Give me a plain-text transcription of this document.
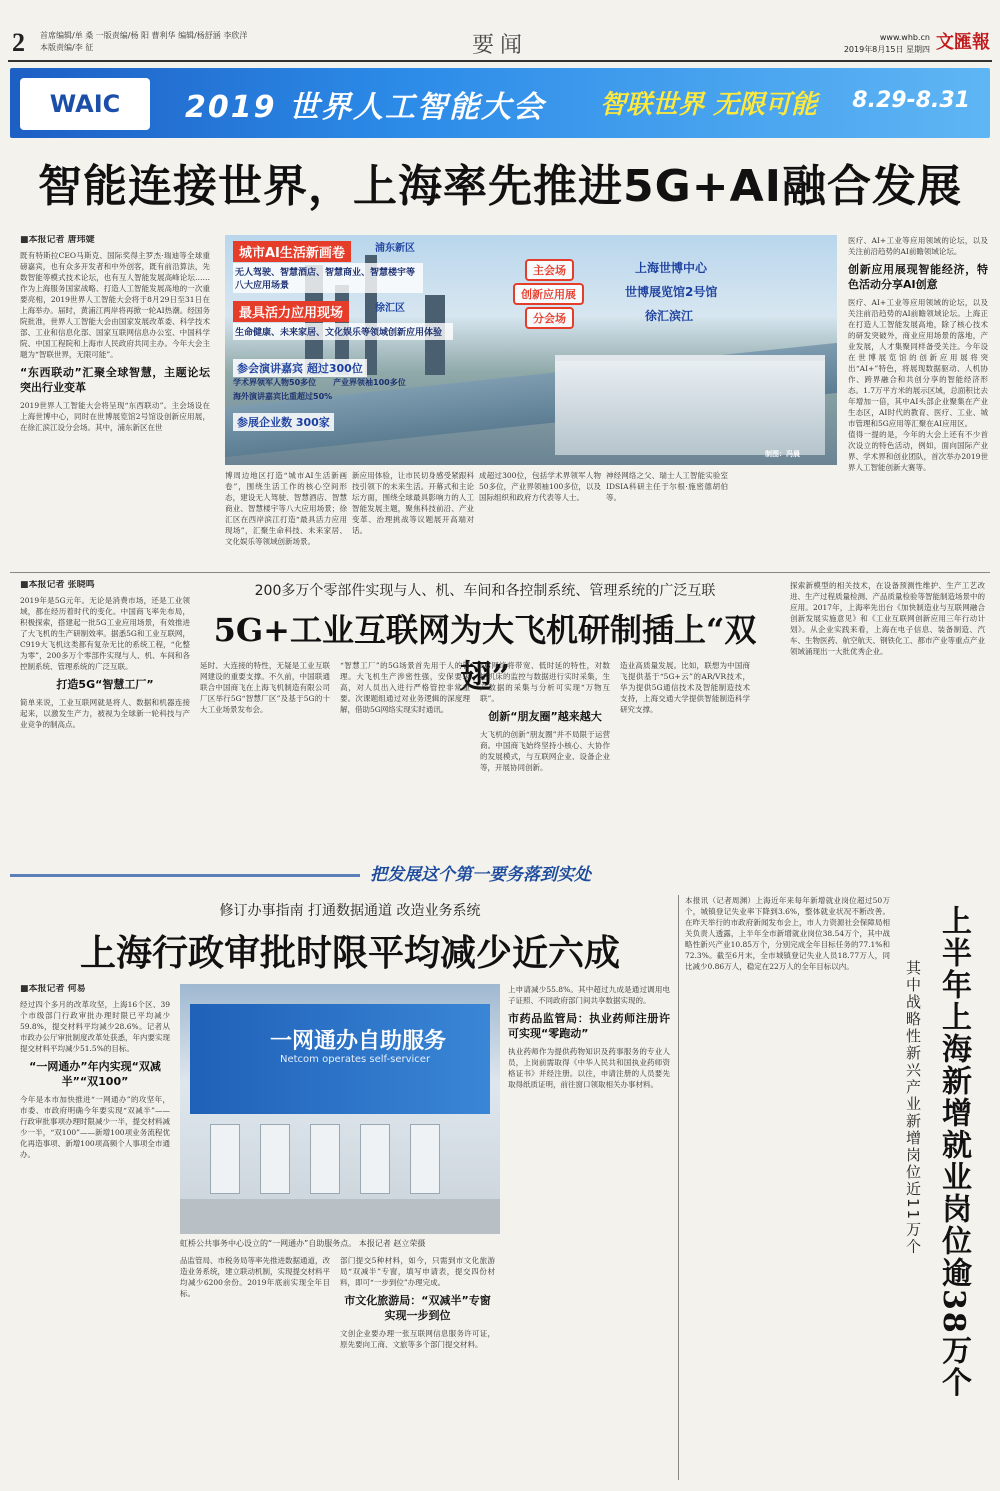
2 首席编辑/单 桑 一版责编/杨 阳 曹利华 编辑/杨舒涵 李欣洋
本版责编/李 征	要闻	www.whb.cn
2019年8月15日 星期四 文匯報
WAIC	2019 世界人工智能大会 智联世界 无限可能 8.29-8.31
智能连接世界，上海率先推进5G+AI融合发展
■本报记者 唐玮婕
既有特斯拉CEO马斯克、国际奖得主罗杰·瑞迪等全球重磅嘉宾，也有众多开发者和中外创客，既有前沿算法，先数智能等模式技术论坛，也有互人智能发展高峰论坛……作为上海服务国家战略、打造人工智能发展高地的一次重要亮相，2019世界人工智能大会将于8月29日至31日在上海举办。届时，黄浦江两岸将再掀一轮AI热潮。经国务院批准，世界人工智能大会由国家发展改革委、科学技术部、工业和信息化部、国家互联网信息办公室、中国科学院、中国工程院和上海市人民政府共同主办。今年大会主题为“智联世界，无限可能”。
“东西联动”汇聚全球智慧，主题论坛突出行业变革
2019世界人工智能大会将呈现“东西联动”。主会场设在上海世博中心，同时在世博展览馆2号馆设创新应用展，在徐汇滨江设分会场。其中，浦东新区在世
城市AI生活新画卷	浦东新区
无人驾驶、智慧酒店、智慧商业、智慧楼宇等八大应用场景
最具活力应用现场	徐汇区
生命健康、未来家居、文化娱乐等领域创新应用体验
参会演讲嘉宾 超过300位
学术界领军人物50多位 产业界领袖100多位
海外演讲嘉宾比重超过50%
参展企业数 300家
主会场
创新应用展
分会场
上海世博中心
世博展览馆2号馆
徐汇滨江
制图：冯晨
博周边地区打造“城市AI生活新画卷”，围绕生活工作的核心空间形态，建设无人驾驶、智慧酒店、智慧商业、智慧楼宇等八大应用场景；徐汇区在西岸滨江打造“最具活力应用现场”，汇聚生命科技、未来家居、文化娱乐等领域创新场景。
新应用体验，让市民切身感受紧跟科技引领下的未来生活。开幕式和主论坛方面，围绕全球最具影响力的人工智能发展主题，聚焦科技前沿、产业变革、治理挑战等议题展开高端对话。
成超过300位，包括学术界领军人物50多位，产业界领袖100多位，以及国际组织和政府方代表等人士。
神经网络之父、瑞士人工智能实验室IDSIA科研主任于尔根·施密德胡伯等。
医疗、AI+工业等应用领域的论坛，以及关注前沿趋势的AI前瞻领域论坛。
创新应用展现智能经济，特色活动分享AI创意
医疗、AI+工业等应用领域的论坛，以及关注前沿趋势的AI前瞻领域论坛。上海正在打造人工智能发展高地，除了核心技术的研发突破外，商业应用场景的落地，产业发展，人才集聚同样备受关注。今年设在世博展览馆的创新应用展将突出“AI+”特色，将展现数据驱动、人机协作、跨界融合和共创分享的智能经济形态。1.7万平方米的展示区域，总面积比去年增加一倍，其中AI头部企业聚集在产业生态区，AI时代的教育、医疗、工业、城市管理和5G应用等汇聚在AI应用区。
值得一提的是，今年的大会上还有不少首次设立的特色活动，例如，面向国际产业界、学术界和创业团队，首次举办2019世界人工智能创新大赛等。
200多万个零部件实现与人、机、车间和各控制系统、管理系统的广泛互联
5G+工业互联网为大飞机研制插上“双翅”
■本报记者 张晓鸣
2019年是5G元年。无论是消费市场，还是工业领域，都在经历着时代的变化。中国商飞率先布局，积极探索，搭建起一批5G工业应用场景，有效推进了大飞机的生产研制效率。据悉5G和工业互联网，C919大飞机这类都有复杂无比的系统工程，“化整为零”，200多万个零部件实现与人、机、车间和各控制系统、管理系统的广泛互联。
打造5G“智慧工厂”
简单来说，工业互联网就是将人、数据和机器连接起来，以激发生产力，被视为全球新一轮科技与产业竞争的制高点。
延时、大连接的特性，无疑是工业互联网建设的重要支撑。不久前，中国联通联合中国商飞在上海飞机制造有限公司厂区举行5G“智慧厂区”及基于5G的十大工业场景发布会。
“智慧工厂”的5G场景首先用于人的管理。大飞机生产涉密性强，安保要求高，对人员出入进行严格管控非常重要。次课题组通过对业务逻辑的深度理解，借助5G网络实现实时通讯。
5G网络将带宽、低时延的特性，对数控机床的监控与数据进行实时采集，生产数据的采集与分析可实现“万物互联”。
创新“朋友圈”越来越大
大飞机的创新“朋友圈”并不局限于运营商。中国商飞始终坚持小核心、大协作的发展模式，与互联网企业、设备企业等，开展协同创新。
造业高质量发展。比如，联想为中国商飞提供基于“5G+云”的AR/VR技术，华为提供5G通信技术及智能制造技术支持，上海交通大学提供智能制造科学研究支撑。
探索新模型的相关技术，在设备预测性维护、生产工艺改进、生产过程质量检测、产品质量检验等智能制造场景中的应用。2017年，上海率先出台《加快制造业与互联网融合创新发展实施意见》和《工业互联网创新应用三年行动计划》。从企业实践来看，上海在电子信息、装备制造、汽车、生物医药、航空航天、钢铁化工、都市产业等重点产业领域涌现出一大批优秀企业。
把发展这个第一要务落到实处
修订办事指南 打通数据通道 改造业务系统
上海行政审批时限平均减少近六成
■本报记者 何易
经过四个多月的改革攻坚，上海16个区、39个市级部门行政审批办理时限已平均减少59.8%，提交材料平均减少28.6%。记者从市政办公厅审批制度改革处获悉，年内要实现提交材料平均减少51.5%的目标。
“一网通办”年内实现“双减半”“双100”
今年是本市加快推进“一网通办”的攻坚年，市委、市政府明确今年要实现“双减半”——行政审批事项办理时限减少一半，提交材料减少一半，“双100”——新增100项业务流程优化再造事项、新增100项高频个人事项全市通办。
一网通办自助服务
Netcom operates self-servicer
虹桥公共事务中心设立的“一网通办”自助服务点。 本报记者 赵立荣摄
品监管局、市税务局等率先推进数据通道，改造业务系统，建立联动机制，实现提交材料平均减少6200余份。2019年底前实现全年目标。
部门提交5种材料，如今，只需到市文化旅游局“双减半”专窗，填写申请表，提交四份材料，即可“一步到位”办理完成。
市文化旅游局：“双减半”专窗实现一步到位
文创企业要办理一张互联网信息服务许可证，原先要向工商、文旅等多个部门提交材料。
上申请减少55.8%。其中超过九成是通过调用电子证照、不同政府部门间共享数据实现的。
市药品监管局：执业药师注册许可实现“零跑动”
执业药师作为提供药物知识及药事服务的专业人员，上岗前需取得《中华人民共和国执业药师资格证书》并经注册。以往，申请注册的人员要先取得纸质证明，前往窗口领取相关办事材料。
本报讯（记者周渊）上海近年来每年新增就业岗位超过50万个，城镇登记失业率下降到3.6%，整体就业状况不断改善。在昨天举行的市政府新闻发布会上，市人力资源社会保障局相关负责人透露，上半年全市新增就业岗位38.54万个，其中战略性新兴产业10.85万个，分别完成全年目标任务的77.1%和72.3%。截至6月末，全市城镇登记失业人员18.77万人，同比减少0.86万人，稳定在22万人的全年目标以内。	上半年上海新增就业岗位逾38万个
其中战略性新兴产业新增岗位近11万个
